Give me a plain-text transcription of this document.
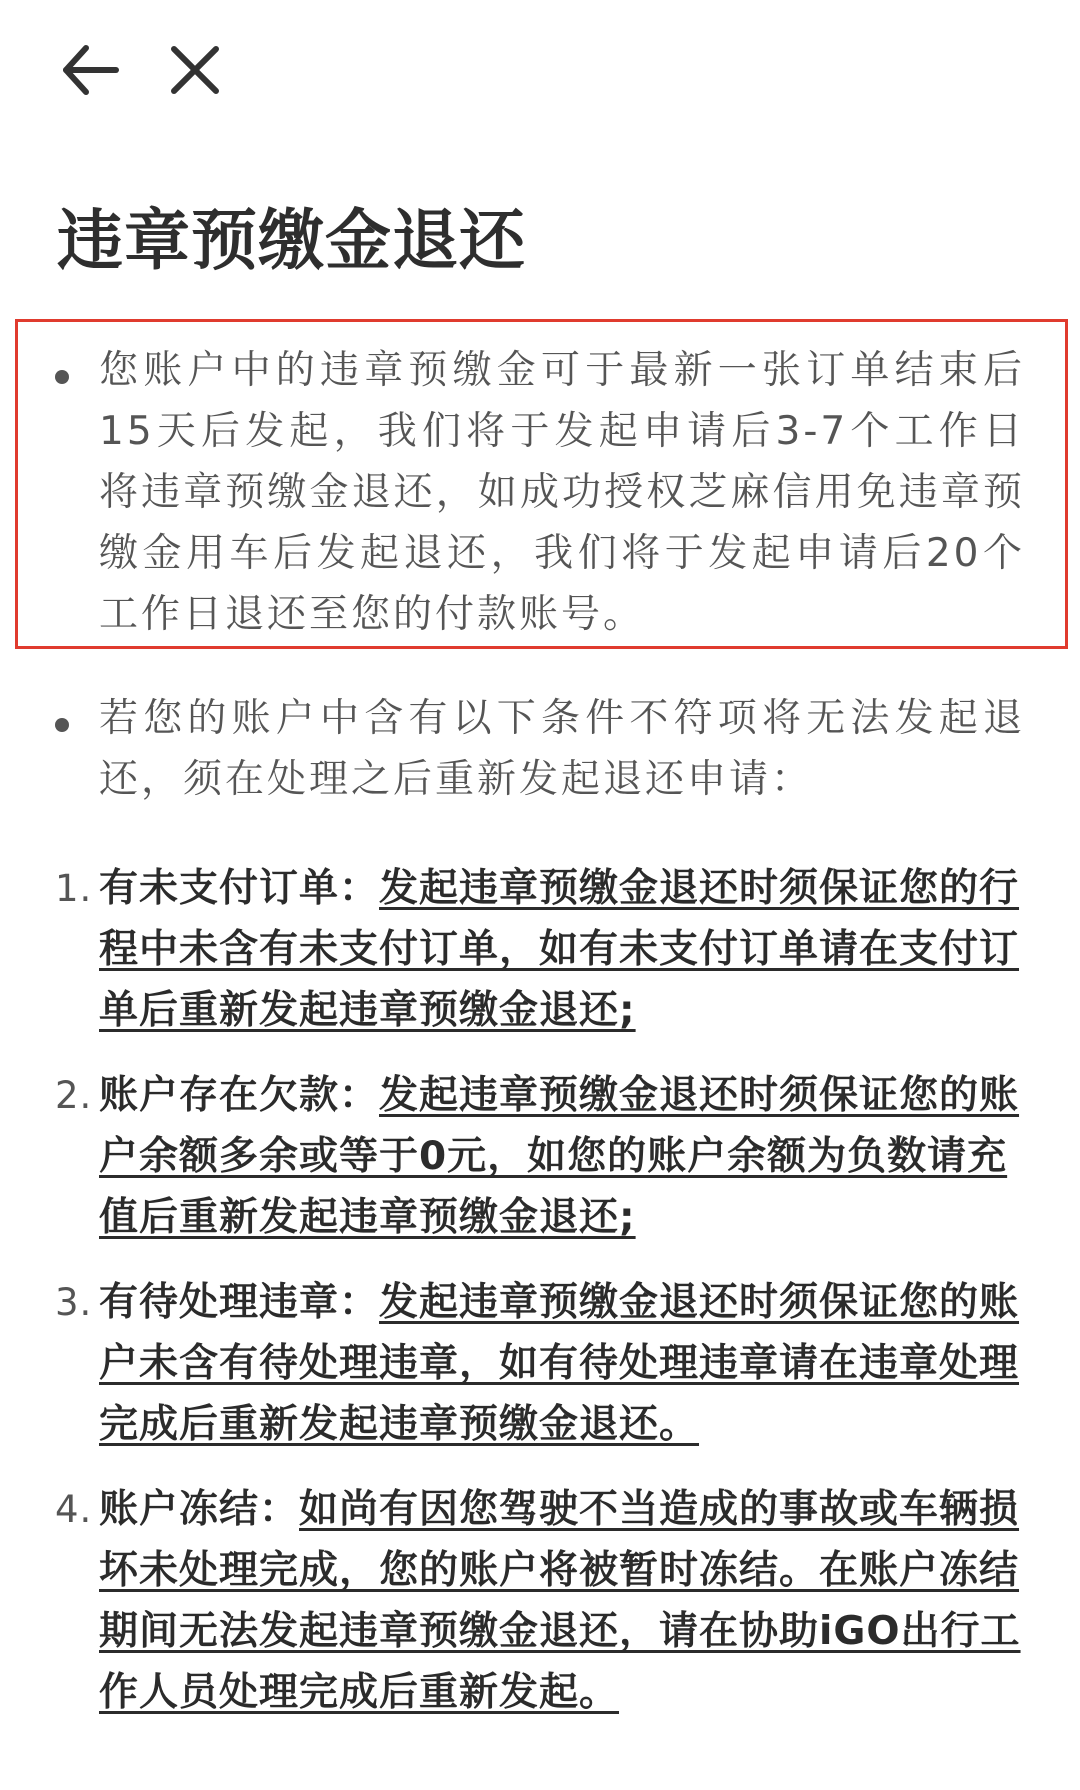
违章预缴金退还
您账户中的违章预缴金可于最新一张订单结束后15天后发起，我们将于发起申请后3-7个工作日将违章预缴金退还，如成功授权芝麻信用免违章预缴金用车后发起退还，我们将于发起申请后20个工作日退还至您的付款账号。
若您的账户中含有以下条件不符项将无法发起退还，须在处理之后重新发起退还申请：
1. 有未支付订单：发起违章预缴金退还时须保证您的行程中未含有未支付订单，如有未支付订单请在支付订单后重新发起违章预缴金退还;
2. 账户存在欠款：发起违章预缴金退还时须保证您的账户余额多余或等于0元，如您的账户余额为负数请充值后重新发起违章预缴金退还;
3. 有待处理违章：发起违章预缴金退还时须保证您的账户未含有待处理违章，如有待处理违章请在违章处理完成后重新发起违章预缴金退还。
4. 账户冻结：如尚有因您驾驶不当造成的事故或车辆损坏未处理完成，您的账户将被暂时冻结。在账户冻结期间无法发起违章预缴金退还，请在协助iGO出行工作人员处理完成后重新发起。
